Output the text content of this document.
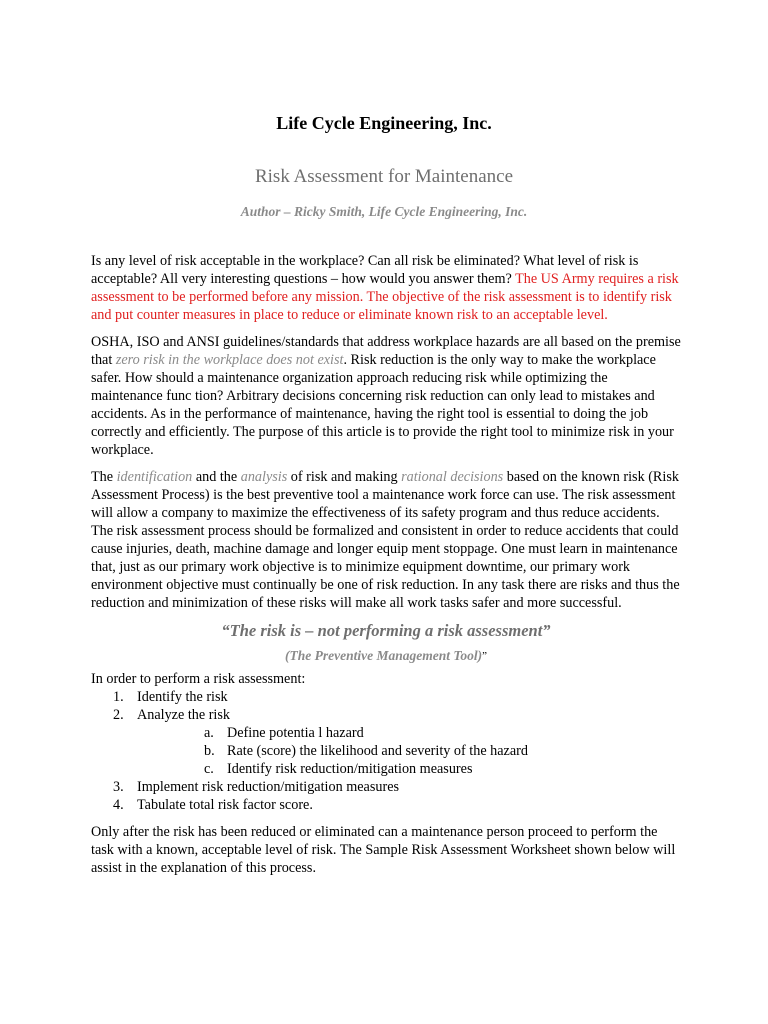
Life Cycle Engineering, Inc.
Risk Assessment for Maintenance
Author – Ricky Smith, Life Cycle Engineering, Inc.

Is any level of risk acceptable in the workplace? Can all risk be eliminated? What level of risk is acceptable? All very interesting questions – how would you answer them? The US Army requires a risk assessment to be performed before any mission. The objective of the risk assessment is to identify risk and put counter measures in place to reduce or eliminate known risk to an acceptable level.

OSHA, ISO and ANSI guidelines/standards that address workplace hazards are all based on the premise that zero risk in the workplace does not exist. Risk reduction is the only way to make the workplace safer. How should a maintenance organization approach reducing risk while optimizing the maintenance func tion? Arbitrary decisions concerning risk reduction can only lead to mistakes and accidents. As in the performance of maintenance, having the right tool is essential to doing the job correctly and efficiently. The purpose of this article is to provide the right tool to minimize risk in your workplace.

The identification and the analysis of risk and making rational decisions based on the known risk (Risk Assessment Process) is the best preventive tool a maintenance work force can use. The risk assessment will allow a company to maximize the effectiveness of its safety program and thus reduce accidents. The risk assessment process should be formalized and consistent in order to reduce accidents that could cause injuries, death, machine damage and longer equip ment stoppage. One must learn in maintenance that, just as our primary work objective is to minimize equipment downtime, our primary work environment objective must continually be one of risk reduction. In any task there are risks and thus the reduction and minimization of these risks will make all work tasks safer and more successful.

“The risk is – not performing a risk assessment”
(The Preventive Management Tool)”

In order to perform a risk assessment:

1. Identify the risk
2. Analyze the risk
a. Define potentia l hazard
b. Rate (score) the likelihood and severity of the hazard
c. Identify risk reduction/mitigation measures
3. Implement risk reduction/mitigation measures
4. Tabulate total risk factor score.

Only after the risk has been reduced or eliminated can a maintenance person proceed to perform the task with a known, acceptable level of risk. The Sample Risk Assessment Worksheet shown below will assist in the explanation of this process.
